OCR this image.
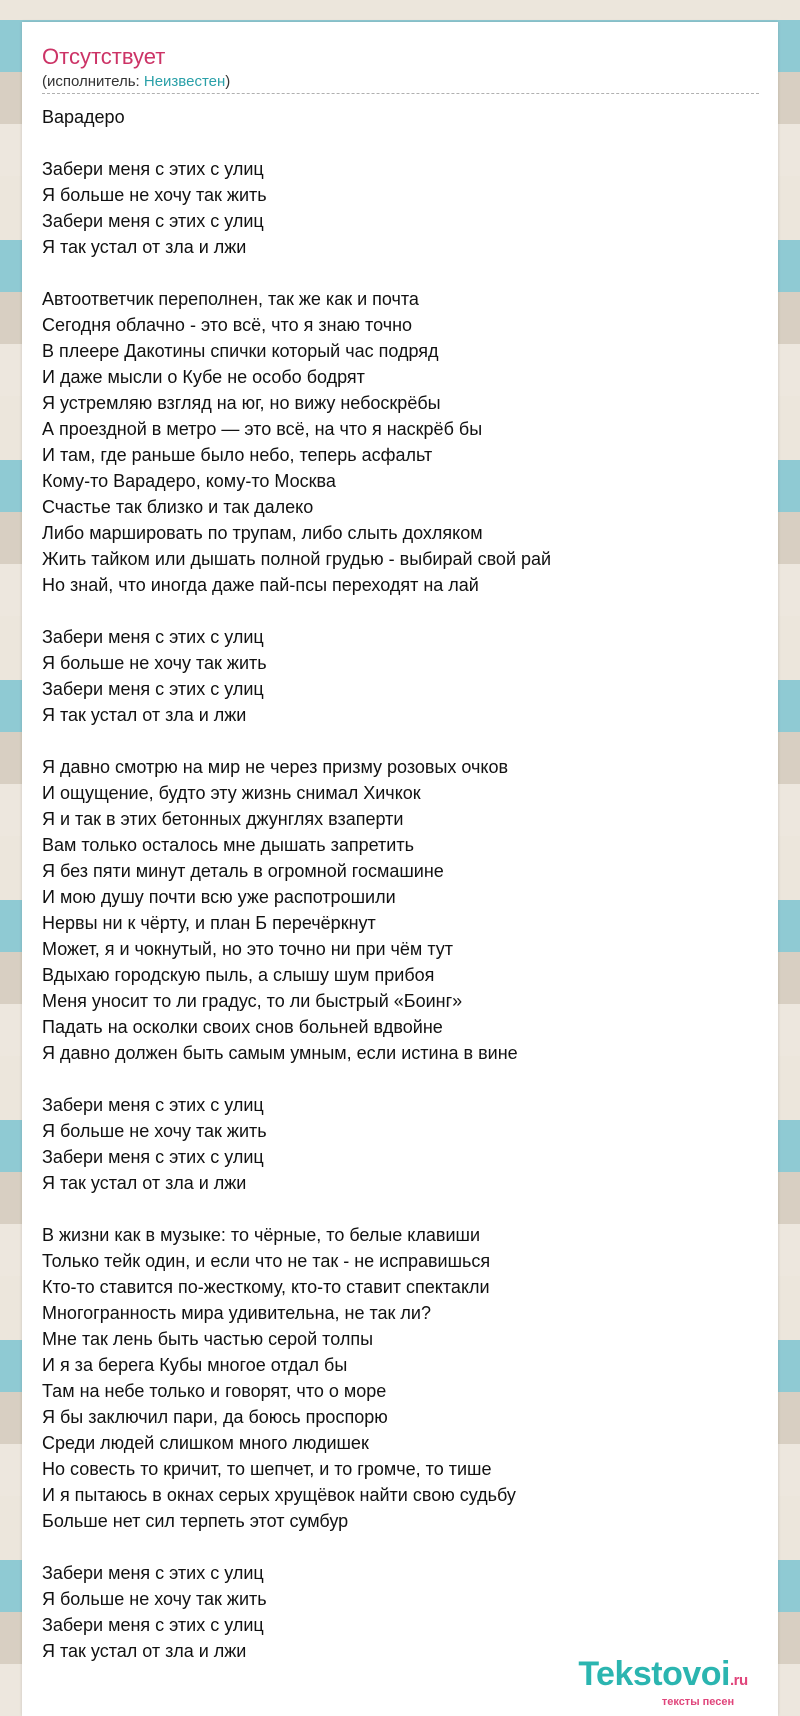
Отсутствует
(исполнитель: Неизвестен)
Варадеро
Забери меня с этих с улиц
Я больше не хочу так жить
Забери меня с этих с улиц
Я так устал от зла и лжи
Автоответчик переполнен, так же как и почта
Сегодня облачно - это всё, что я знаю точно
В плеере Дакотины спички который час подряд
И даже мысли о Кубе не особо бодрят
Я устремляю взгляд на юг, но вижу небоскрёбы
А проездной в метро — это всё, на что я наскрёб бы
И там, где раньше было небо, теперь асфальт
Кому-то Варадеро, кому-то Москва
Счастье так близко и так далеко
Либо маршировать по трупам, либо слыть дохляком
Жить тайком или дышать полной грудью - выбирай свой рай
Но знай, что иногда даже пай-псы переходят на лай
Забери меня с этих с улиц
Я больше не хочу так жить
Забери меня с этих с улиц
Я так устал от зла и лжи
Я давно смотрю на мир не через призму розовых очков
И ощущение, будто эту жизнь снимал Хичкок
Я и так в этих бетонных джунглях взаперти
Вам только осталось мне дышать запретить
Я без пяти минут деталь в огромной госмашине
И мою душу почти всю уже распотрошили
Нервы ни к чёрту, и план Б перечёркнут
Может, я и чокнутый, но это точно ни при чём тут
Вдыхаю городскую пыль, а слышу шум прибоя
Меня уносит то ли градус, то ли быстрый «Боинг»
Падать на осколки своих снов больней вдвойне
Я давно должен быть самым умным, если истина в вине
Забери меня с этих с улиц
Я больше не хочу так жить
Забери меня с этих с улиц
Я так устал от зла и лжи
В жизни как в музыке: то чёрные, то белые клавиши
Только тейк один, и если что не так - не исправишься
Кто-то ставится по-жесткому, кто-то ставит спектакли
Многогранность мира удивительна, не так ли?
Мне так лень быть частью серой толпы
И я за берега Кубы многое отдал бы
Там на небе только и говорят, что о море
Я бы заключил пари, да боюсь проспорю
Среди людей слишком много людишек
Но совесть то кричит, то шепчет, и то громче, то тише
И я пытаюсь в окнах серых хрущёвок найти свою судьбу
Больше нет сил терпеть этот сумбур
Забери меня с этих с улиц
Я больше не хочу так жить
Забери меня с этих с улиц
Я так устал от зла и лжи
Tekstovoi.ru
тексты песен
